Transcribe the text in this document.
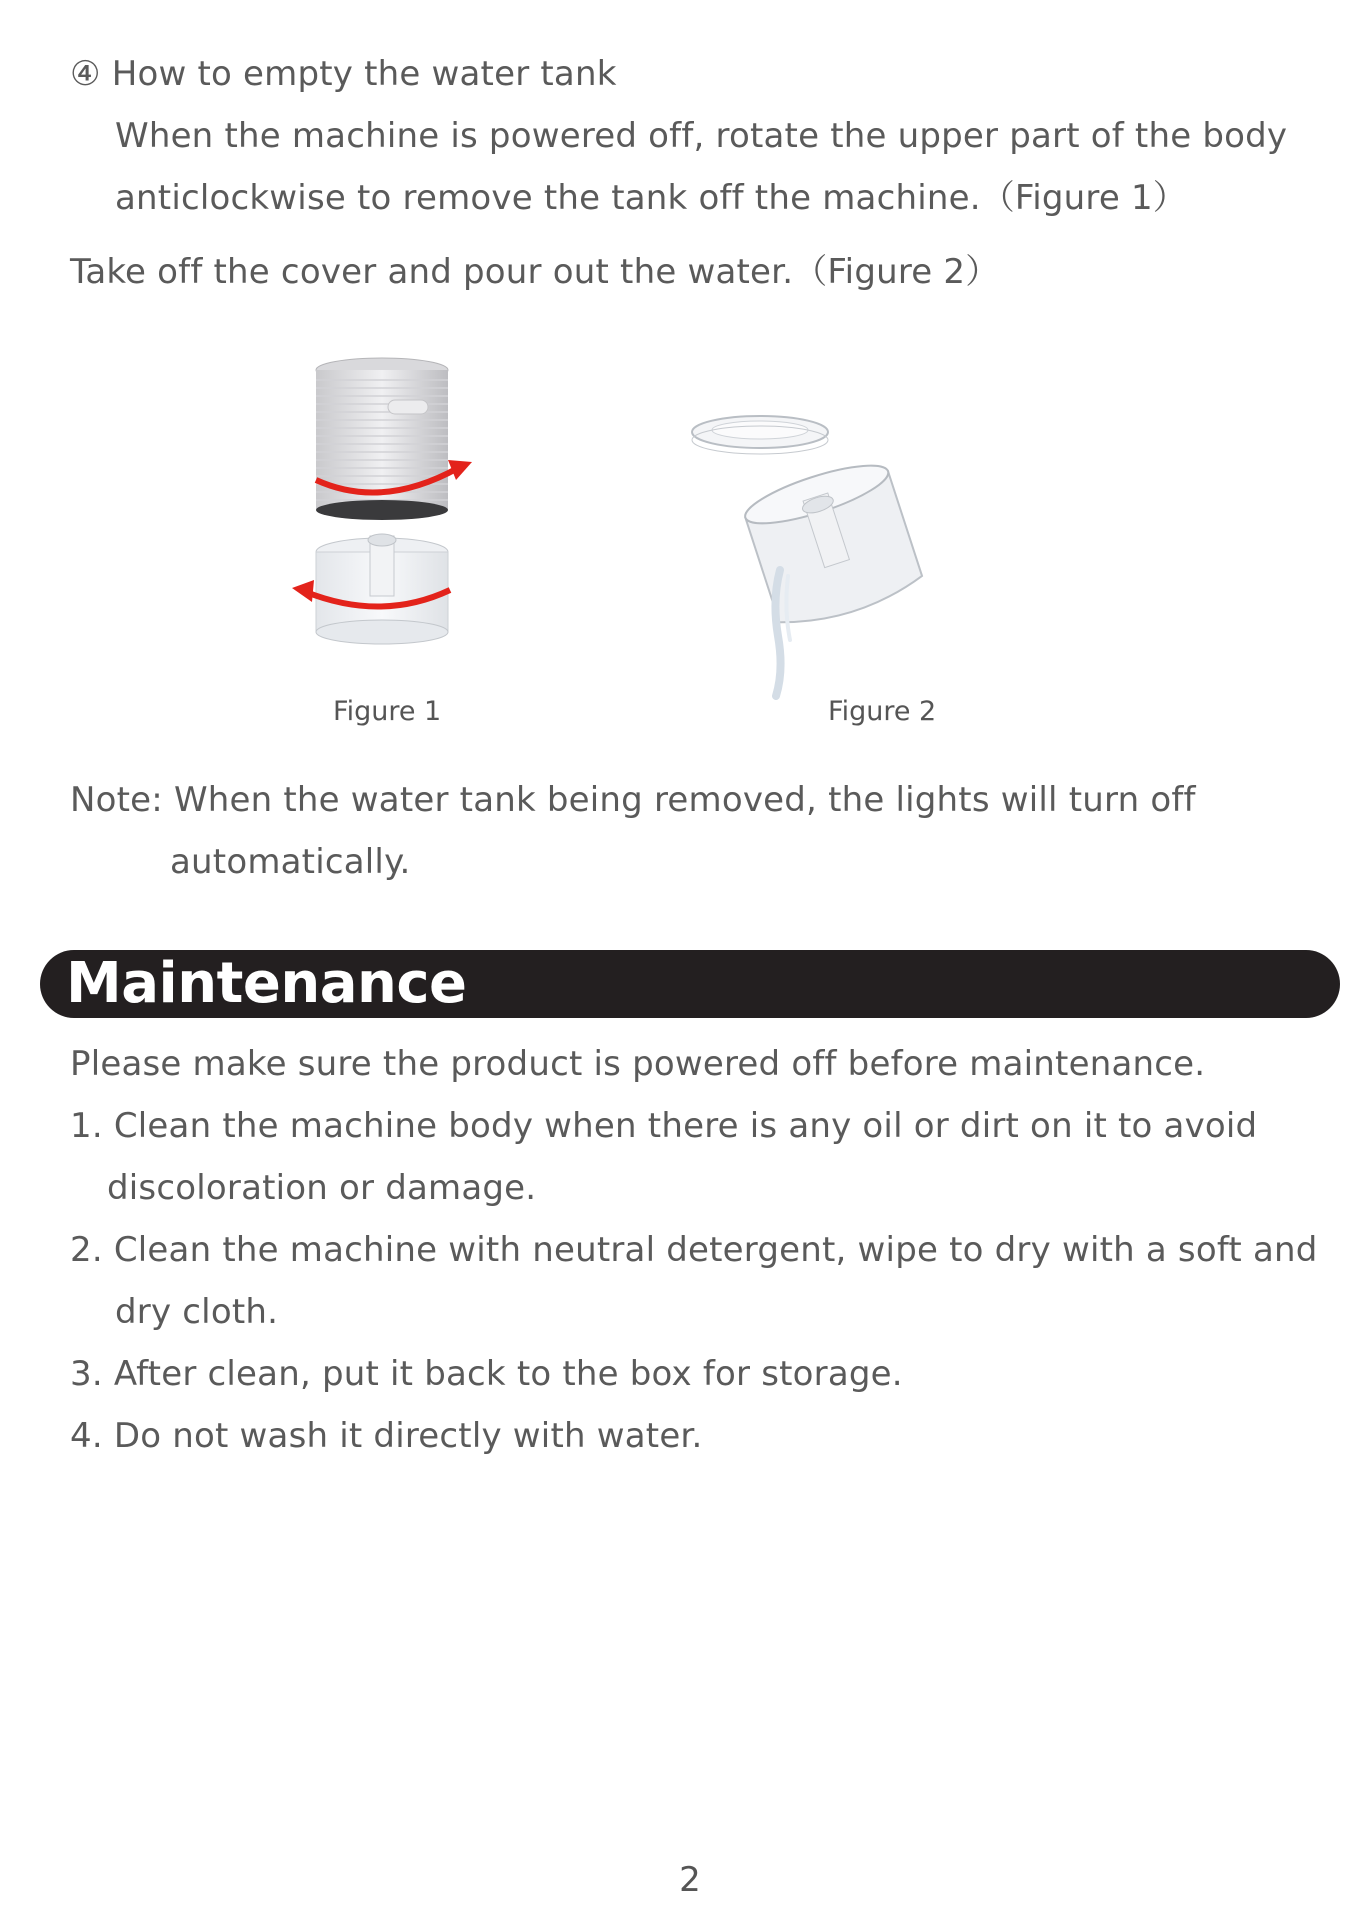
④ How to empty the water tank
When the machine is powered off, rotate the upper part of the body
anticlockwise to remove the tank off the machine.（Figure 1）
Take off the cover and pour out the water.（Figure 2）
Figure 1	Figure 2
Note: When the water tank being removed, the lights will turn off
automatically.
Maintenance
Please make sure the product is powered off before maintenance.
1. Clean the machine body when there is any oil or dirt on it to avoid
discoloration or damage.
2. Clean the machine with neutral detergent, wipe to dry with a soft and
dry cloth.
3. After clean, put it back to the box for storage.
4. Do not wash it directly with water.
2
